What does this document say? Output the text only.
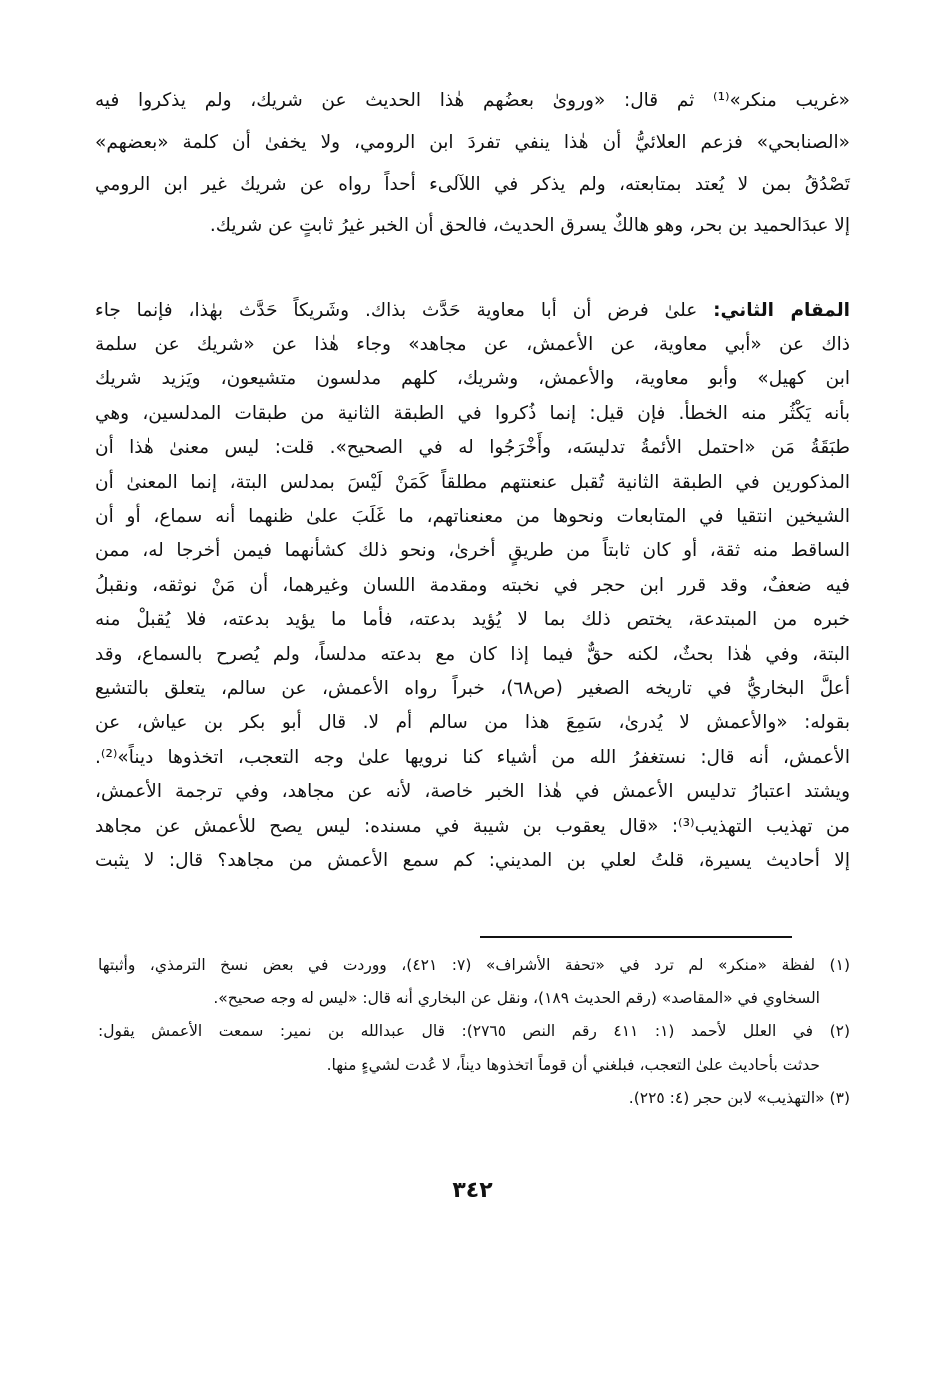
«غريب منكر»⁽¹⁾ ثم قال: «وروىٰ بعضُهم هٰذا الحديث عن شريك، ولم يذكروا فيه
«الصنابحي» فزعم العلائيُّ أن هٰذا ينفي تفردَ ابن الرومي، ولا يخفىٰ أن كلمة «بعضهم»
تَصْدُقُ بمن لا يُعتد بمتابعته، ولم يذكر في اللآلىء أحداً رواه عن شريك غير ابن الرومي
إلا عبدَالحميد بن بحر، وهو هالكٌ يسرق الحديث، فالحق أن الخبر غيرُ ثابتٍ عن شريك.
المقام الثاني: علىٰ فرض أن أبا معاوية حَدَّث بذاك. وشَريكاً حَدَّث بهٰذا، فإنما جاء
ذاك عن «أبي معاوية، عن الأعمش، عن مجاهد» وجاء هٰذا عن «شريك عن سلمة
ابن كهيل» وأبو معاوية، والأعمش، وشريك، كلهم مدلسون متشيعون، ويَزيد شريك
بأنه يَكْثُر منه الخطأ. فإن قيل: إنما ذُكروا في الطبقة الثانية من طبقات المدلسين، وهي
طبَقَةُ مَن «احتمل الأئمةُ تدليسَه، وأَخْرَجُوا له في الصحيح». قلت: ليس معنىٰ هٰذا أن
المذكورين في الطبقة الثانية تُقبل عنعنتهم مطلقاً كَمَنْ لَيْسَ بمدلس البتة، إنما المعنىٰ أن
الشيخين انتقيا في المتابعات ونحوها من معنعناتهم، ما غَلَبَ علىٰ ظنهما أنه سماع، أو أن
الساقط منه ثقة، أو كان ثابتاً من طريقٍ أخرىٰ، ونحو ذلك كشأنهما فيمن أخرجا له، ممن
فيه ضعفٌ، وقد قرر ابن حجر في نخبته ومقدمة اللسان وغيرهما، أن مَنْ نوثقه، ونقبلُ
خبره من المبتدعة، يختص ذلك بما لا يُؤيد بدعته، فأما ما يؤيد بدعته، فلا يُقبلْ منه
البتة، وفي هٰذا بحثٌ، لكنه حقٌّ فيما إذا كان مع بدعته مدلساً، ولم يُصرح بالسماع، وقد
أعلَّ البخاريُّ في تاريخه الصغير (ص٦٨)، خبراً رواه الأعمش، عن سالم، يتعلق بالتشيع
بقوله: «والأعمش لا يُدرىٰ، سَمِعَ هذا من سالم أم لا. قال أبو بكر بن عياش، عن
الأعمش، أنه قال: نستغفرُ الله من أشياء كنا نرويها علىٰ وجه التعجب، اتخذوها ديناً»⁽²⁾.
ويشتد اعتبارُ تدليس الأعمش في هٰذا الخبر خاصة، لأنه عن مجاهد، وفي ترجمة الأعمش،
من تهذيب التهذيب⁽³⁾: «قال يعقوب بن شيبة في مسنده: ليس يصح للأعمش عن مجاهد
إلا أحاديث يسيرة، قلتُ لعلي بن المديني: كم سمع الأعمش من مجاهد؟ قال: لا يثبت
(١) لفظة «منكر» لم ترد في «تحفة الأشراف» (٧: ٤٢١)، ووردت في بعض نسخ الترمذي، وأثبتها
السخاوي في «المقاصد» (رقم الحديث ١٨٩)، ونقل عن البخاري أنه قال: «ليس له وجه صحيح».
(٢) في العلل لأحمد (١: ٤١١ رقم النص ٢٧٦٥): قال عبدالله بن نمير: سمعت الأعمش يقول:
حدثت بأحاديث علىٰ التعجب، فبلغني أن قوماً اتخذوها ديناً، لا عُدت لشيءٍ منها.
(٣) «التهذيب» لابن حجر (٤: ٢٢٥).
٣٤٢
